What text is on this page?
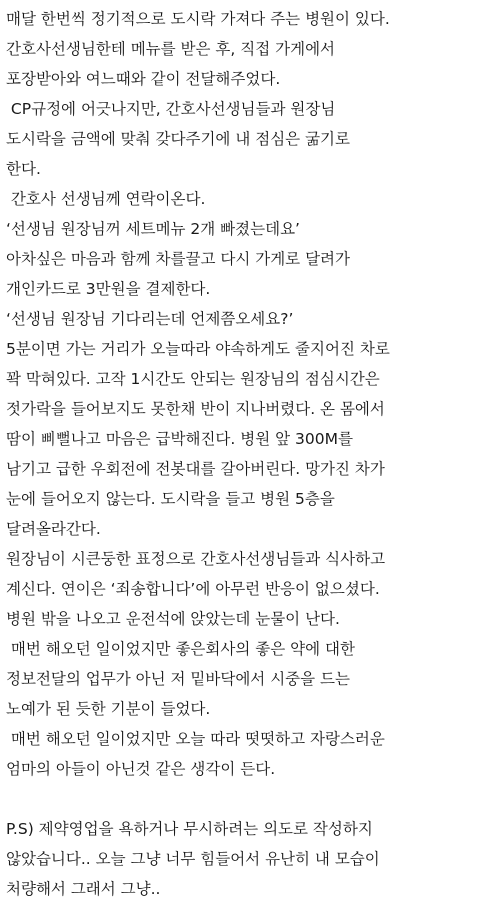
매달 한번씩 정기적으로 도시락 가져다 주는 병원이 있다.
간호사선생님한테 메뉴를 받은 후, 직접 가게에서
포장받아와 여느때와 같이 전달해주었다.
CP규정에 어긋나지만, 간호사선생님들과 원장님
도시락을 금액에 맞춰 갖다주기에 내 점심은 굶기로
한다.
간호사 선생님께 연락이온다.
‘선생님 원장님꺼 세트메뉴 2개 빠졌는데요’
아차싶은 마음과 함께 차를끌고 다시 가게로 달려가
개인카드로 3만원을 결제한다.
‘선생님 원장님 기다리는데 언제쯤오세요?’
5분이면 가는 거리가 오늘따라 야속하게도 줄지어진 차로
꽉 막혀있다. 고작 1시간도 안되는 원장님의 점심시간은
젓가락을 들어보지도 못한채 반이 지나버렸다. 온 몸에서
땀이 삐뻘나고 마음은 급박해진다. 병원 앞 300M를
남기고 급한 우회전에 전봇대를 갈아버린다. 망가진 차가
눈에 들어오지 않는다. 도시락을 들고 병원 5층을
달려올라간다.
원장님이 시큰둥한 표정으로 간호사선생님들과 식사하고
계신다. 연이은 ‘죄송합니다’에 아무런 반응이 없으셨다.
병원 밖을 나오고 운전석에 앉았는데 눈물이 난다.
매번 해오던 일이었지만 좋은회사의 좋은 약에 대한
정보전달의 업무가 아닌 저 밑바닥에서 시중을 드는
노예가 된 듯한 기분이 들었다.
매번 해오던 일이었지만 오늘 따라 떳떳하고 자랑스러운
엄마의 아들이 아닌것 같은 생각이 든다.
P.S) 제약영업을 욕하거나 무시하려는 의도로 작성하지
않았습니다.. 오늘 그냥 너무 힘들어서 유난히 내 모습이
처량해서 그래서 그냥..
